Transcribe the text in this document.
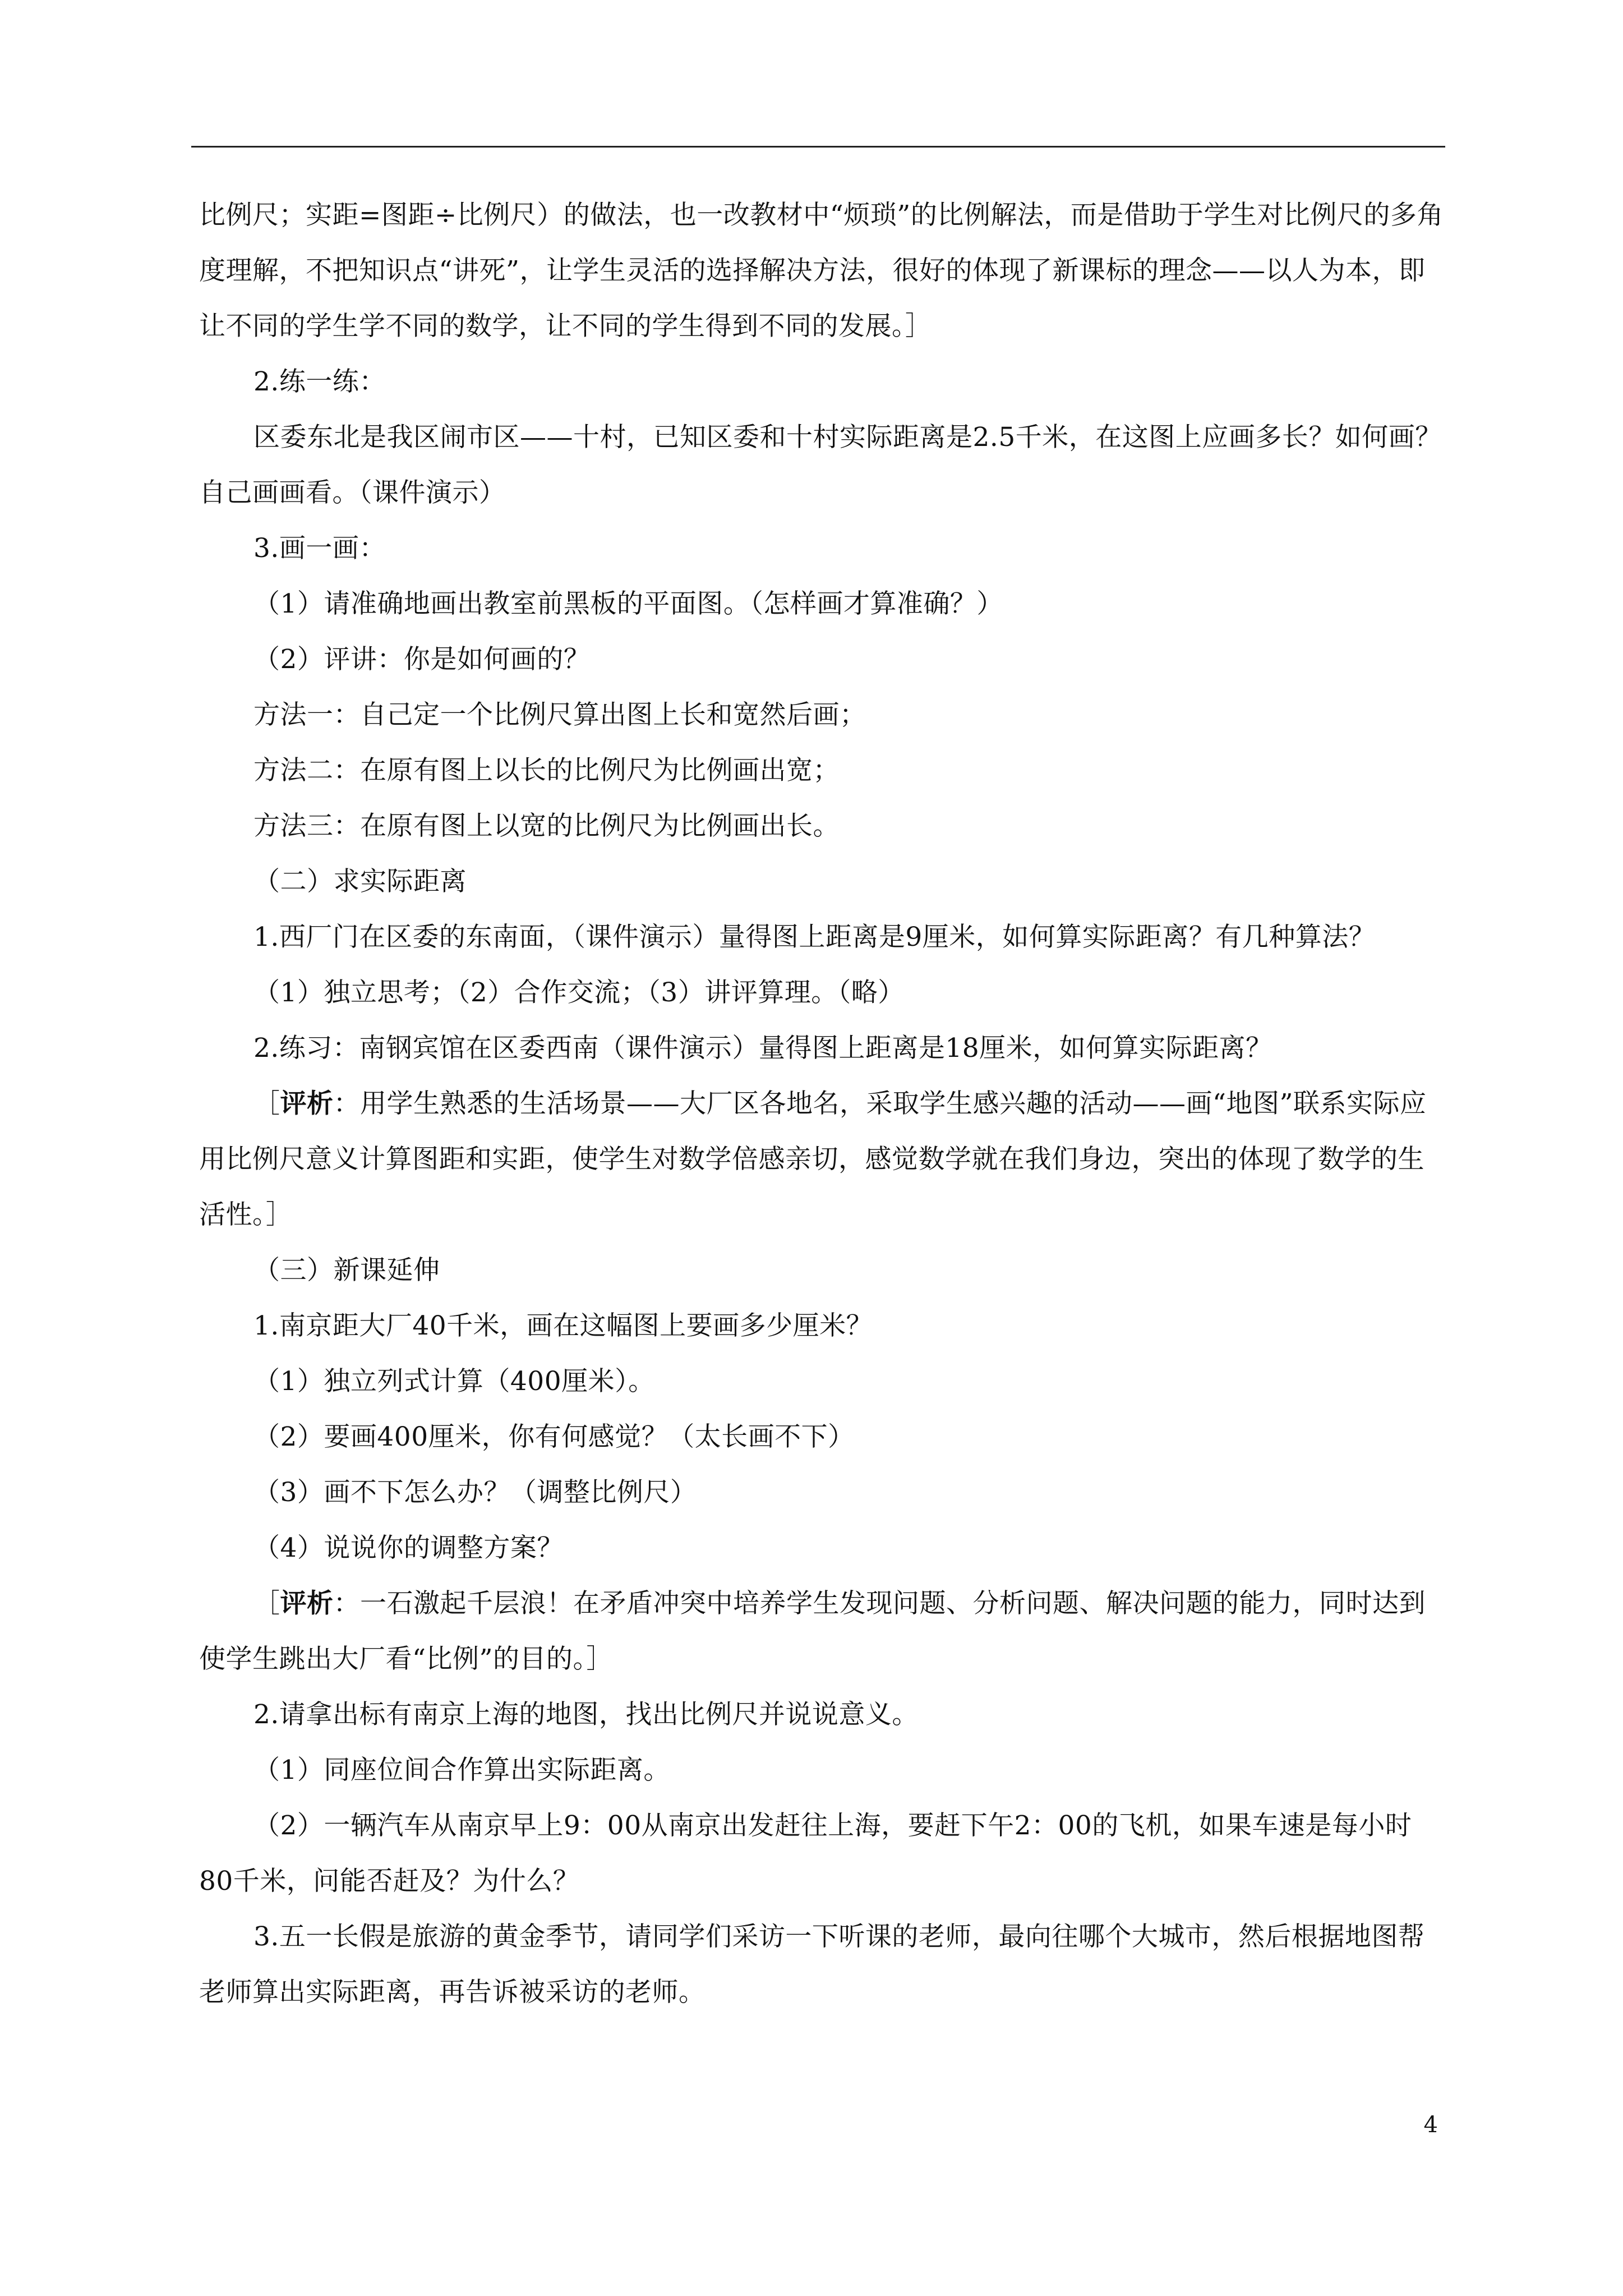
比例尺；实距=图距÷比例尺）的做法，也一改教材中“烦琐”的比例解法，而是借助于学生对比例尺的多角度理解，不把知识点“讲死”，让学生灵活的选择解决方法，很好的体现了新课标的理念——以人为本，即让不同的学生学不同的数学，让不同的学生得到不同的发展。］

2.练一练：

区委东北是我区闹市区——十村，已知区委和十村实际距离是2.5千米，在这图上应画多长？如何画？自己画画看。（课件演示）

3.画一画：

（1）请准确地画出教室前黑板的平面图。（怎样画才算准确？）

（2）评讲：你是如何画的？

方法一：自己定一个比例尺算出图上长和宽然后画；

方法二：在原有图上以长的比例尺为比例画出宽；

方法三：在原有图上以宽的比例尺为比例画出长。

（二）求实际距离

1.西厂门在区委的东南面，（课件演示）量得图上距离是9厘米，如何算实际距离？有几种算法？

（1）独立思考；（2）合作交流；（3）讲评算理。（略）

2.练习：南钢宾馆在区委西南（课件演示）量得图上距离是18厘米，如何算实际距离？

［评析：用学生熟悉的生活场景——大厂区各地名，采取学生感兴趣的活动——画“地图”联系实际应用比例尺意义计算图距和实距，使学生对数学倍感亲切，感觉数学就在我们身边，突出的体现了数学的生活性。］

（三）新课延伸

1.南京距大厂40千米，画在这幅图上要画多少厘米？

（1）独立列式计算（400厘米）。

（2）要画400厘米，你有何感觉？（太长画不下）

（3）画不下怎么办？（调整比例尺）

（4）说说你的调整方案？

［评析：一石激起千层浪！在矛盾冲突中培养学生发现问题、分析问题、解决问题的能力，同时达到使学生跳出大厂看“比例”的目的。］

2.请拿出标有南京上海的地图，找出比例尺并说说意义。

（1）同座位间合作算出实际距离。

（2）一辆汽车从南京早上9：00从南京出发赶往上海，要赶下午2：00的飞机，如果车速是每小时80千米，问能否赶及？为什么？

3.五一长假是旅游的黄金季节，请同学们采访一下听课的老师，最向往哪个大城市，然后根据地图帮老师算出实际距离，再告诉被采访的老师。

4
